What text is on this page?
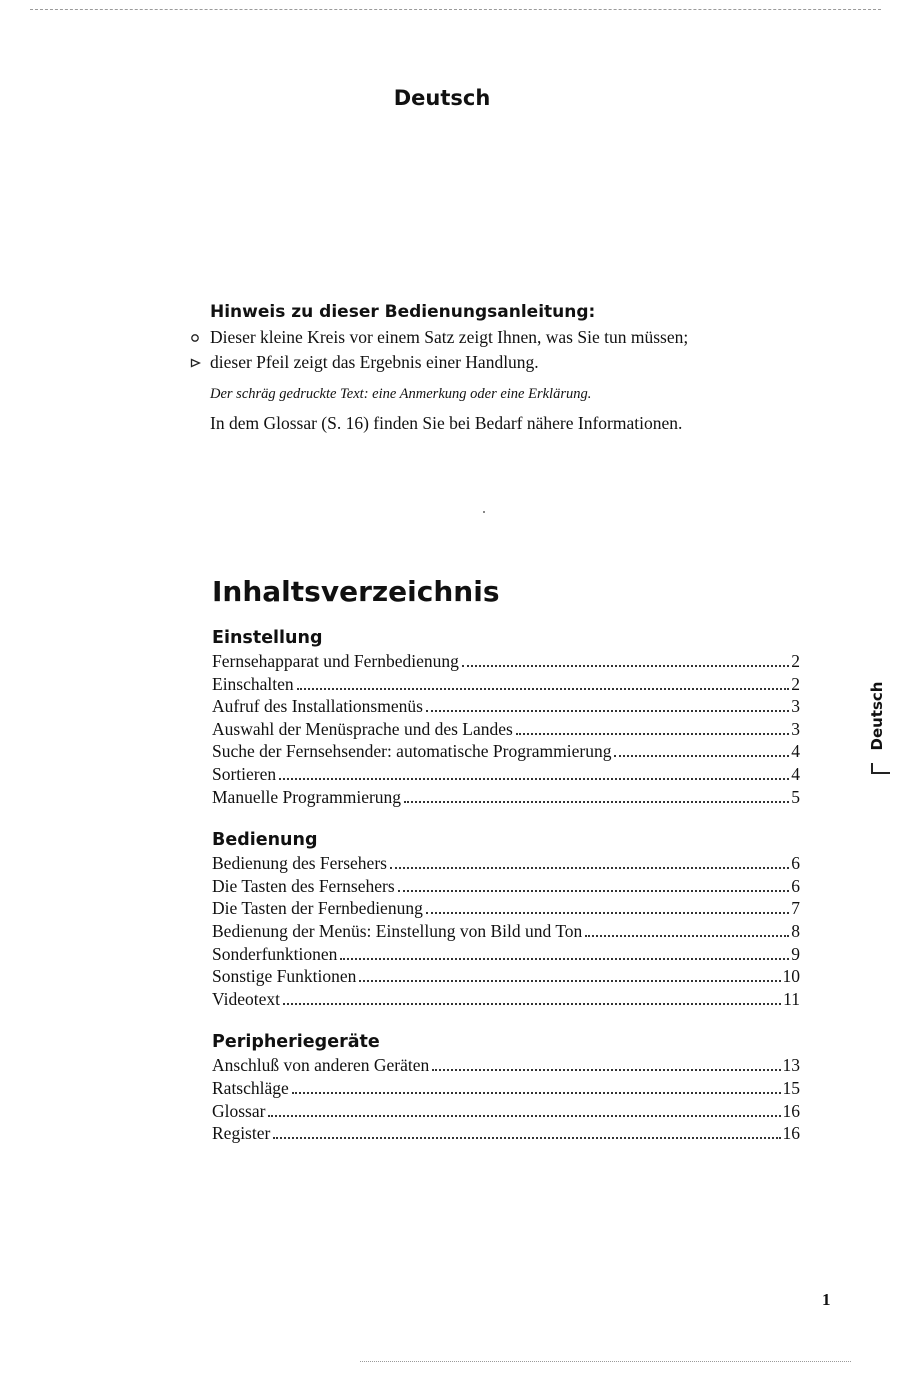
Deutsch
Hinweis zu dieser Bedienungsanleitung:
Dieser kleine Kreis vor einem Satz zeigt Ihnen, was Sie tun müssen;
dieser Pfeil zeigt das Ergebnis einer Handlung.
Der schräg gedruckte Text: eine Anmerkung oder eine Erklärung.
In dem Glossar (S. 16) finden Sie bei Bedarf nähere Informationen.
Inhaltsverzeichnis
Einstellung
Fernsehapparat und Fernbedienung	2
Einschalten	2
Aufruf des Installationsmenüs	3
Auswahl der Menüsprache und des Landes	3
Suche der Fernsehsender: automatische Programmierung	4
Sortieren	4
Manuelle Programmierung	5
Bedienung
Bedienung des Fersehers	6
Die Tasten des Fernsehers	6
Die Tasten der Fernbedienung	7
Bedienung der Menüs: Einstellung von Bild und Ton	8
Sonderfunktionen	9
Sonstige Funktionen	10
Videotext	11
Peripheriegeräte
Anschluß von anderen Geräten	13
Ratschläge	15
Glossar	16
Register	16
Deutsch
1
